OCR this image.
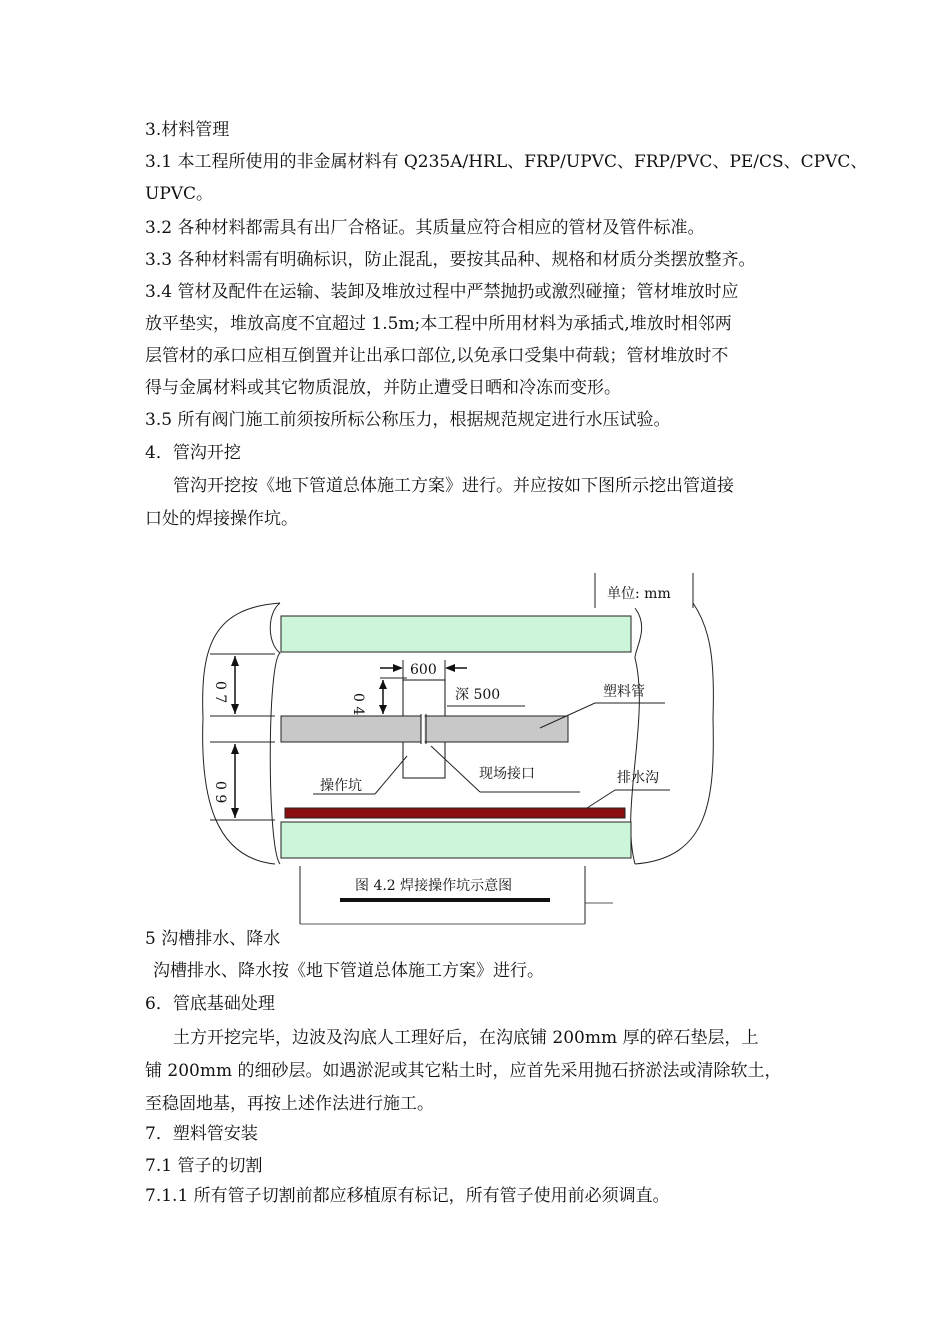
3.材料管理
3.1 本工程所使用的非金属材料有 Q235A/HRL、FRP/UPVC、FRP/PVC、PE/CS、CPVC、
UPVC。
3.2 各种材料都需具有出厂合格证。其质量应符合相应的管材及管件标准。
3.3 各种材料需有明确标识，防止混乱，要按其品种、规格和材质分类摆放整齐。
3.4 管材及配件在运输、装卸及堆放过程中严禁抛扔或激烈碰撞；管材堆放时应
放平垫实，堆放高度不宜超过 1.5m;本工程中所用材料为承插式,堆放时相邻两
层管材的承口应相互倒置并让出承口部位,以免承口受集中荷载；管材堆放时不
得与金属材料或其它物质混放，并防止遭受日晒和冷冻而变形。
3.5 所有阀门施工前须按所标公称压力，根据规范规定进行水压试验。
4．管沟开挖
管沟开挖按《地下管道总体施工方案》进行。并应按如下图所示挖出管道接
口处的焊接操作坑。
单位: mm
0 7
0 9
0 4
600
深 500	塑料管
操作坑
现场接口	排水沟
图 4.2 焊接操作坑示意图
5 沟槽排水、降水
沟槽排水、降水按《地下管道总体施工方案》进行。
6．管底基础处理
土方开挖完毕，边波及沟底人工理好后，在沟底铺 200mm 厚的碎石垫层，上
铺 200mm 的细砂层。如遇淤泥或其它粘土时，应首先采用抛石挤淤法或清除软土，
至稳固地基，再按上述作法进行施工。
7．塑料管安装
7.1 管子的切割
7.1.1 所有管子切割前都应移植原有标记，所有管子使用前必须调直。
